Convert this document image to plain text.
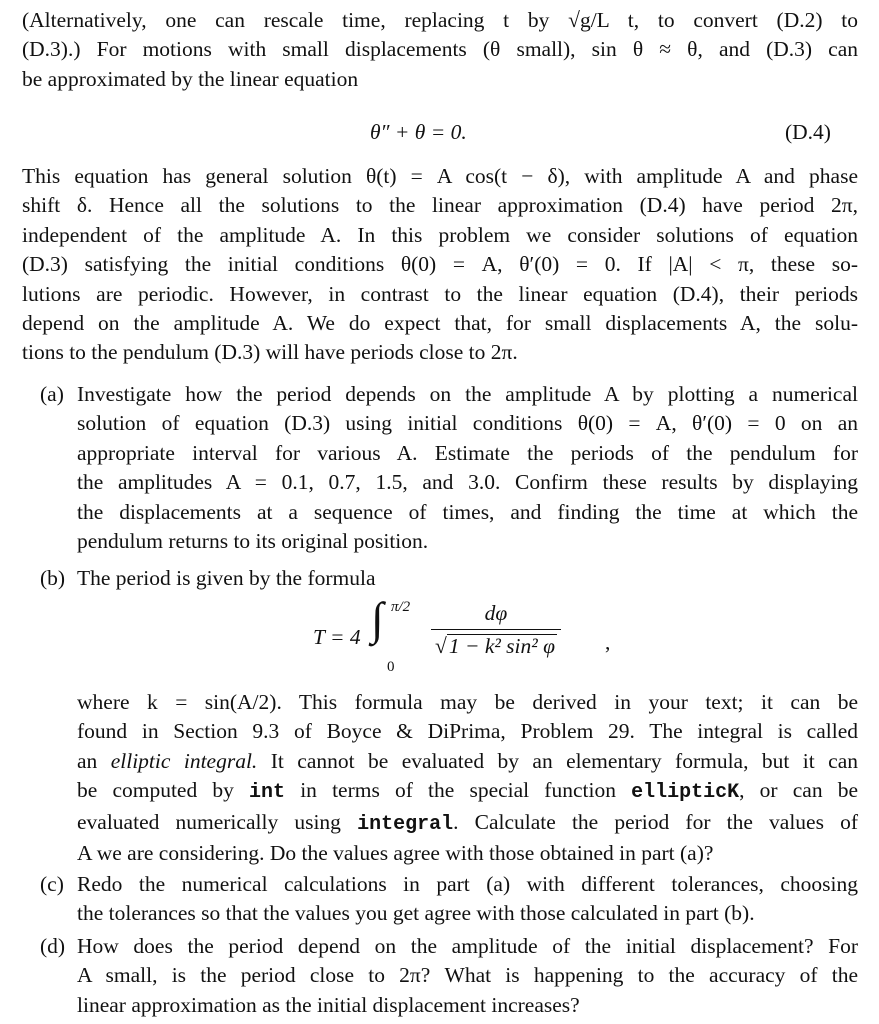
(Alternatively, one can rescale time, replacing t by √g/L t, to convert (D.2) to
(D.3).) For motions with small displacements (θ small), sin θ ≈ θ, and (D.3) can
be approximated by the linear equation
θ″ + θ = 0.	(D.4)
This equation has general solution θ(t) = A cos(t − δ), with amplitude A and phase
shift δ. Hence all the solutions to the linear approximation (D.4) have period 2π,
independent of the amplitude A. In this problem we consider solutions of equation
(D.3) satisfying the initial conditions θ(0) = A, θ′(0) = 0. If |A| < π, these so-
lutions are periodic. However, in contrast to the linear equation (D.4), their periods
depend on the amplitude A. We do expect that, for small displacements A, the solu-
tions to the pendulum (D.3) will have periods close to 2π.
(a) Investigate how the period depends on the amplitude A by plotting a numerical
solution of equation (D.3) using initial conditions θ(0) = A, θ′(0) = 0 on an
appropriate interval for various A. Estimate the periods of the pendulum for
the amplitudes A = 0.1, 0.7, 1.5, and 3.0. Confirm these results by displaying
the displacements at a sequence of times, and finding the time at which the
pendulum returns to its original position.
(b) The period is given by the formula
T = 4 ∫ π/2
0
$\frac{d\varphi}{\text{√1 − k² sin² φ}}$ ,
where k = sin(A/2). This formula may be derived in your text; it can be
found in Section 9.3 of Boyce & DiPrima, Problem 29. The integral is called
an elliptic integral. It cannot be evaluated by an elementary formula, but it can
be computed by int in terms of the special function ellipticK, or can be
evaluated numerically using integral. Calculate the period for the values of
A we are considering. Do the values agree with those obtained in part (a)?
(c) Redo the numerical calculations in part (a) with different tolerances, choosing
the tolerances so that the values you get agree with those calculated in part (b).
(d) How does the period depend on the amplitude of the initial displacement? For
A small, is the period close to 2π? What is happening to the accuracy of the
linear approximation as the initial displacement increases?
